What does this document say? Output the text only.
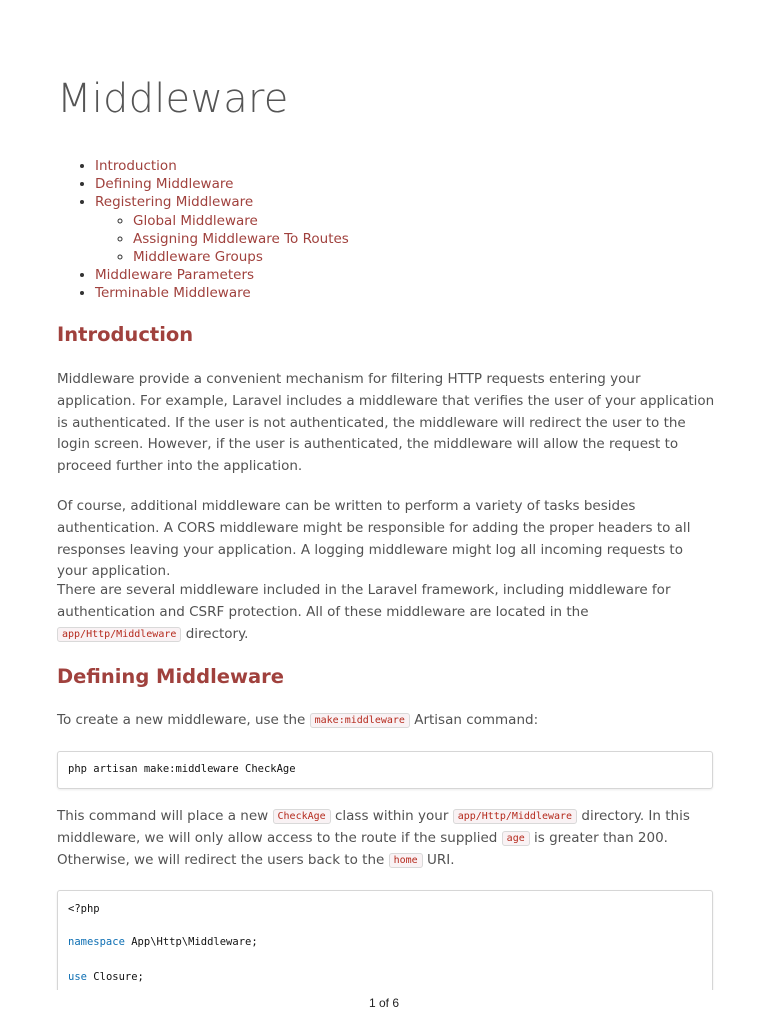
Middleware
• Introduction
• Defining Middleware
• Registering Middleware
◦ Global Middleware
◦ Assigning Middleware To Routes
◦ Middleware Groups
• Middleware Parameters
• Terminable Middleware
Introduction

Middleware provide a convenient mechanism for filtering HTTP requests entering your application. For example, Laravel includes a middleware that verifies the user of your application is authenticated. If the user is not authenticated, the middleware will redirect the user to the login screen. However, if the user is authenticated, the middleware will allow the request to proceed further into the application.

Of course, additional middleware can be written to perform a variety of tasks besides authentication. A CORS middleware might be responsible for adding the proper headers to all responses leaving your application. A logging middleware might log all incoming requests to your application.

There are several middleware included in the Laravel framework, including middleware for authentication and CSRF protection. All of these middleware are located in the app/Http/Middleware directory.

Defining Middleware

To create a new middleware, use the make:middleware Artisan command:

php artisan make:middleware CheckAge

This command will place a new CheckAge class within your app/Http/Middleware directory. In this middleware, we will only allow access to the route if the supplied age is greater than 200. Otherwise, we will redirect the users back to the home URI.

<?php
namespace App\Http\Middleware;
use Closure;
1 of 6
